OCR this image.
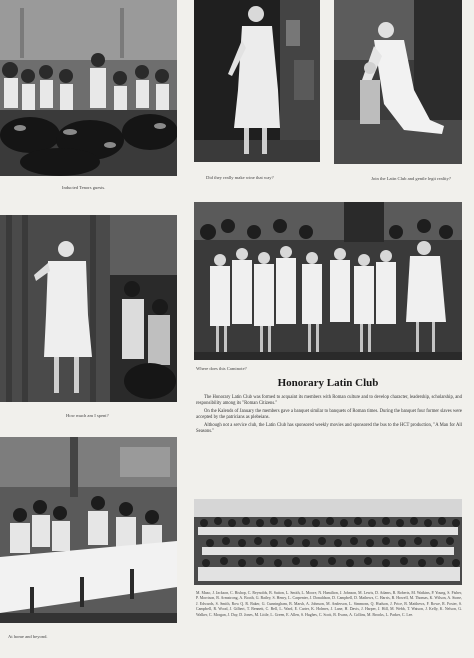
Inducted Tenors guests.
Did they really make wine that way?	Join the Latin Club and gentle legit reality?
How much am I spent?
Where does this Caminote?
Honorary Latin Club

The Honorary Latin Club was formed to acquaint its members with Roman culture and to develop character, leadership, scholarship, and responsibility among its "Roman Citizens."

On the Kalends of January the members gave a banquet similar to banquets of Roman times. During the banquet four former slaves were accepted by the patricians as plebeians.

Although not a service club, the Latin Club has sponsored weekly movies and sponsored the bus to the HCT production, "A Man for All Seasons."

At home and beyond.
M. Mazo, J. Jackson, C. Bishop, C. Reynolds, B. Sutton, L. Smith, L. Moore, N. Hamilton, J. Johnson, M. Lewis, D. Adams, R. Roberts, M. Watkins, P. Young, S. Fisher, P. Morrison, B. Armstrong, A. Booth, G. Bailey, S. Henry, L. Carpenter, J. Donaldson, D. Campbell, D. Mathews, C. Harris, B. Howell, M. Thomas, K. Wilson, A. Stone, J. Edwards, S. Smith, Row Q. R. Baker, G. Cunningham, B. Marsh, A. Johnson, M. Anderson, L. Simmons, Q. Hudson, J. Price, B. Matthews, F. Rowe, R. Foster, S. Campbell, R. Wood, J. Gilbert, T. Bennett, C. Bell, L. Ward, E. Carter, K. Holmes, J. Lane, H. Davis, J. Harper, J. Hill, M. Webb, T. Watson, J. Kelly, K. Nelson, G. Walker, C. Morgan, J. Day, D. Jones, M. Little, L. Green, E. Allen, S. Hughes, C. Scott, B. Evans, A. Collins, M. Brooks, L. Parker, C. Lee.
